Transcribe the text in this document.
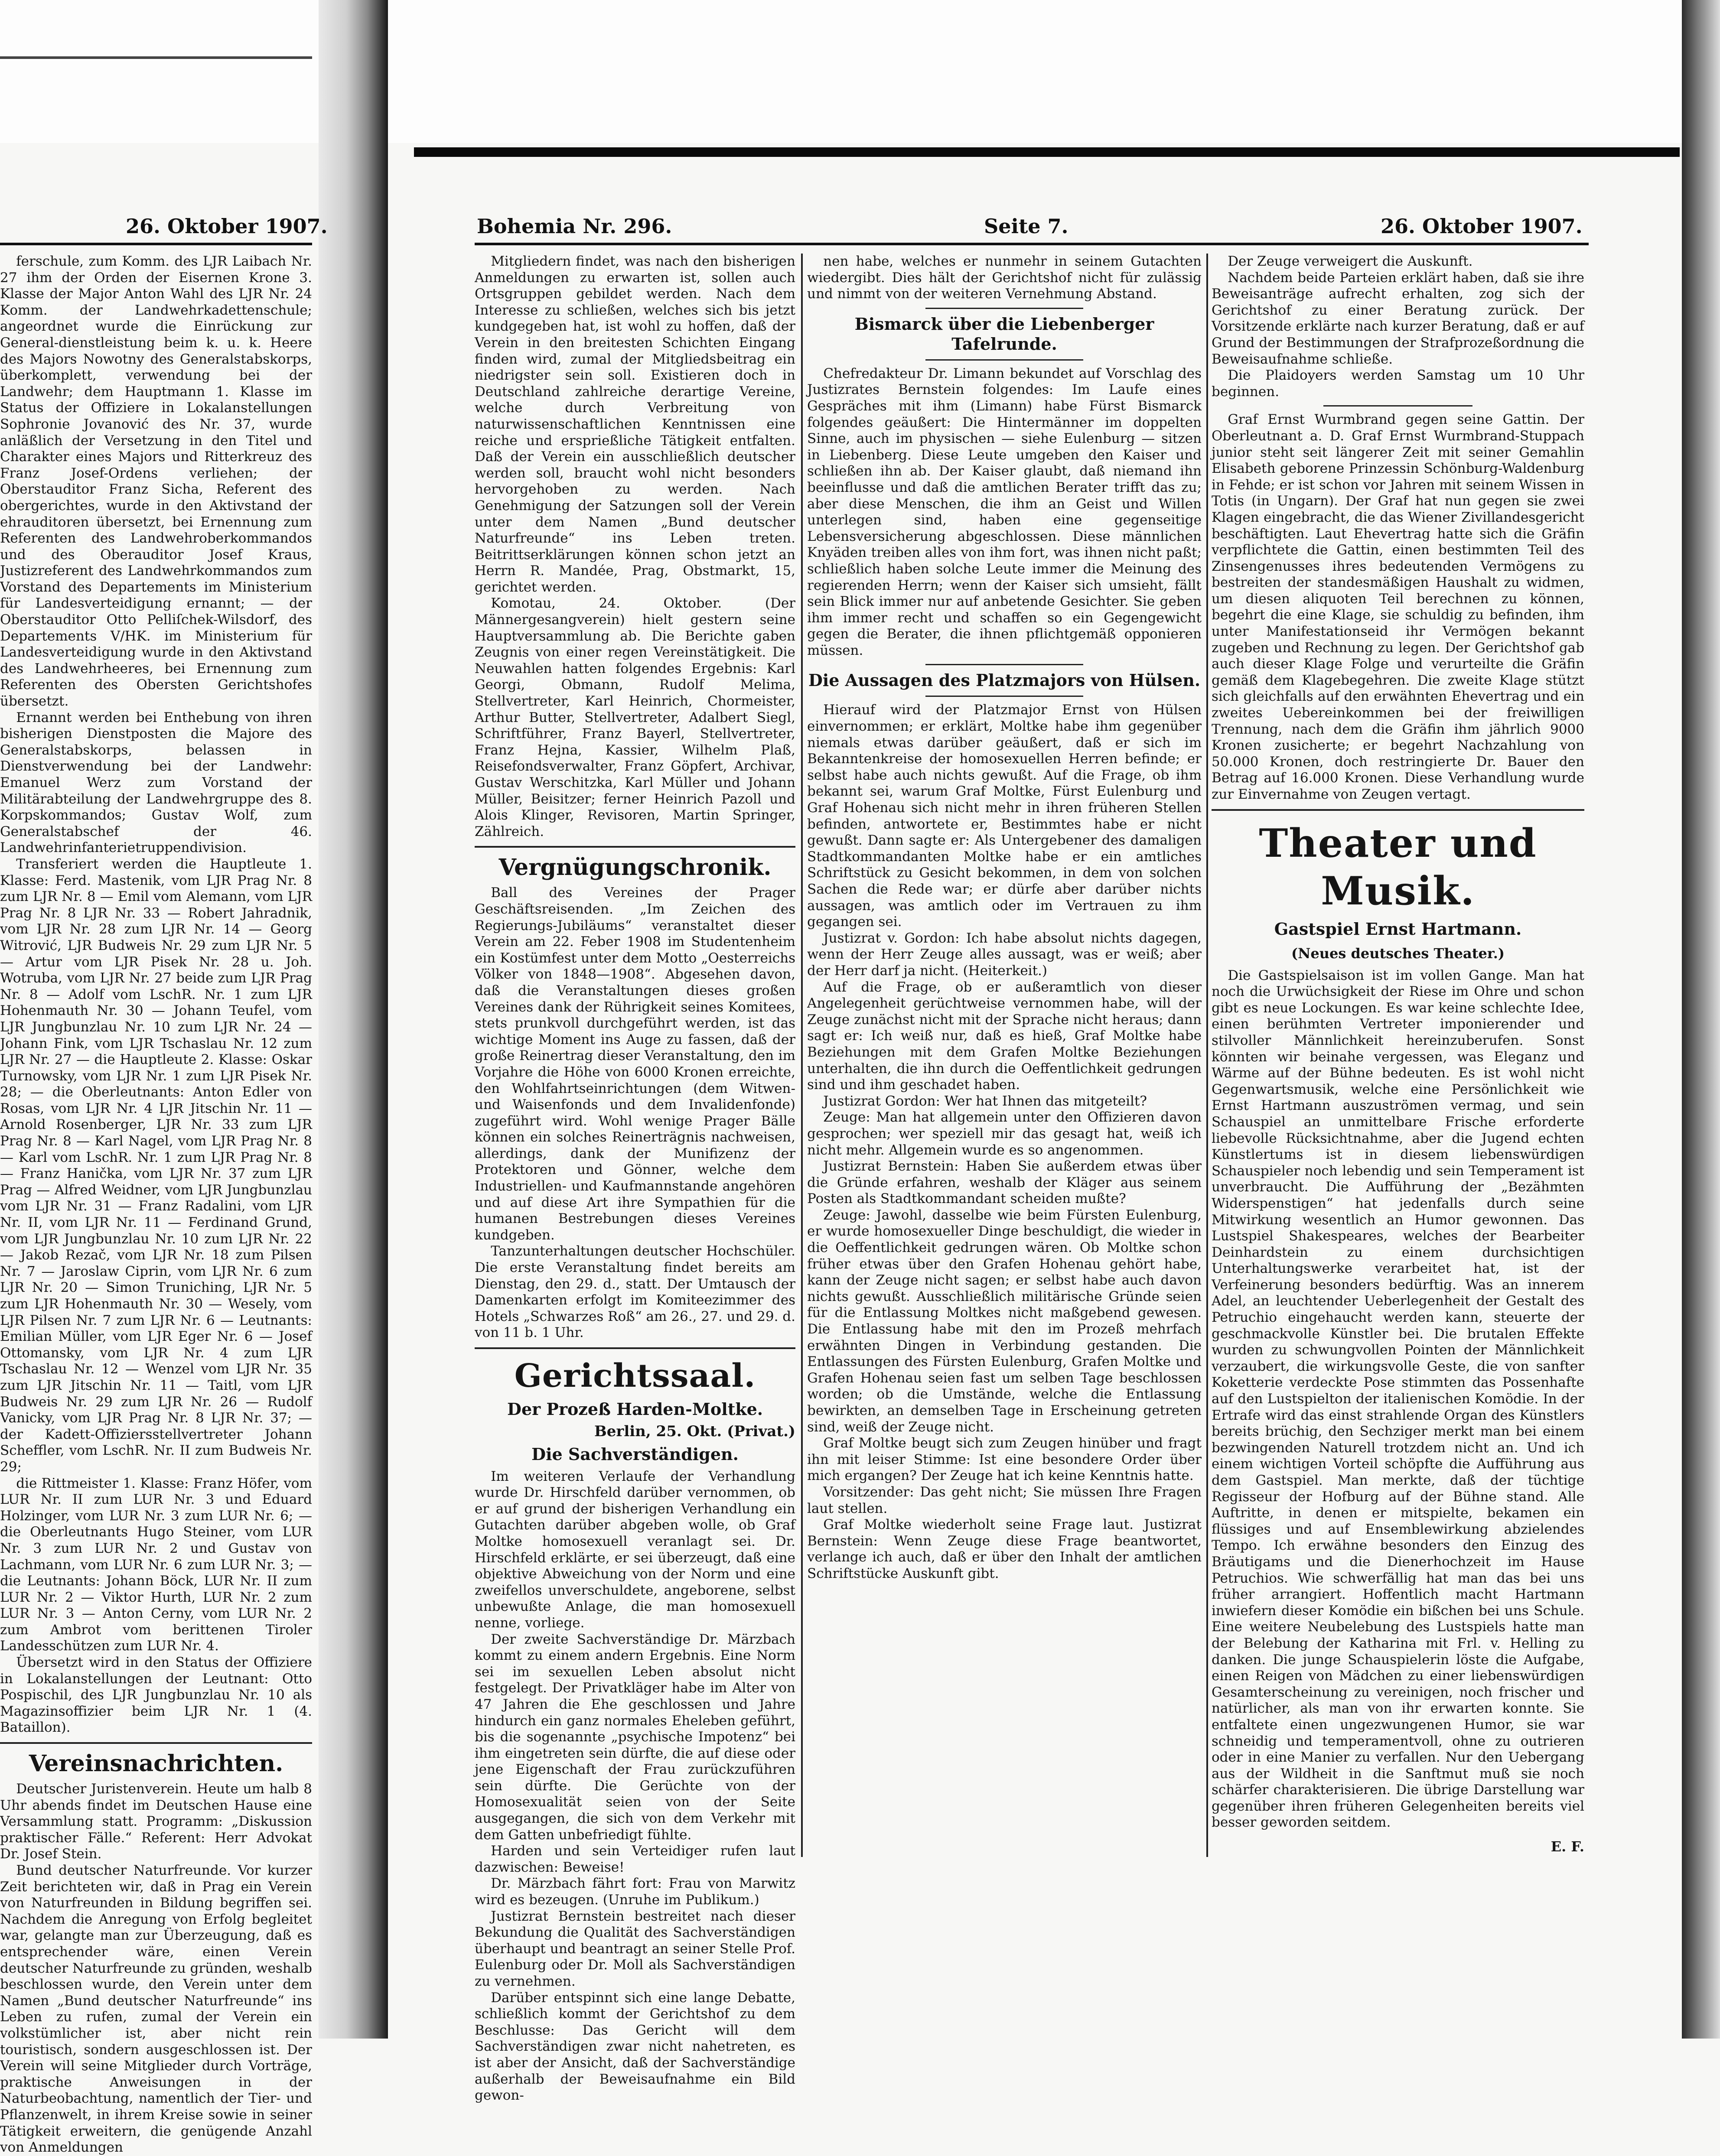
26. Oktober 1907.

ferschule, zum Komm. des LJR Laibach Nr. 27 ihm der Orden der Eisernen Krone 3. Klasse der Major Anton Wahl des LJR Nr. 24 Komm. der Landwehrkadettenschule; angeordnet wurde die Einrückung zur General-dienstleistung beim k. u. k. Heere des Majors Nowotny des Generalstabskorps, überkomplett, verwendung bei der Landwehr; dem Hauptmann 1. Klasse im Status der Offiziere in Lokalanstellungen Sophronie Jovanović des Nr. 37, wurde anläßlich der Versetzung in den Titel und Charakter eines Majors und Ritterkreuz des Franz Josef-Ordens verliehen; der Oberstauditor Franz Sicha, Referent des obergerichtes, wurde in den Aktivstand der ehrauditoren übersetzt, bei Ernennung zum Referenten des Landwehroberkommandos und des Oberauditor Josef Kraus, Justizreferent des Landwehrkommandos zum Vorstand des Departements im Ministerium für Landesverteidigung ernannt; — der Oberstauditor Otto Pelliſchek-Wilsdorf, des Departements V/HK. im Ministerium für Landesverteidigung wurde in den Aktivstand des Landwehrheeres, bei Ernennung zum Referenten des Obersten Gerichtshofes übersetzt.

Ernannt werden bei Enthebung von ihren bisherigen Dienstposten die Majore des Generalstabskorps, belassen in Dienstverwendung bei der Landwehr: Emanuel Werz zum Vorstand der Militärabteilung der Landwehrgruppe des 8. Korpskommandos; Gustav Wolf, zum Generalstabschef der 46. Landwehrinfanterietruppendivision.

Transferiert werden die Hauptleute 1. Klasse: Ferd. Mastenik, vom LJR Prag Nr. 8 zum LJR Nr. 8 — Emil vom Alemann, vom LJR Prag Nr. 8 LJR Nr. 33 — Robert Jahradnik, vom LJR Nr. 28 zum LJR Nr. 14 — Georg Witrović, LJR Budweis Nr. 29 zum LJR Nr. 5 — Artur vom LJR Pisek Nr. 28 u. Joh. Wotruba, vom LJR Nr. 27 beide zum LJR Prag Nr. 8 — Adolf vom LschR. Nr. 1 zum LJR Hohenmauth Nr. 30 — Johann Teufel, vom LJR Jungbunzlau Nr. 10 zum LJR Nr. 24 — Johann Fink, vom LJR Tschaslau Nr. 12 zum LJR Nr. 27 — die Hauptleute 2. Klasse: Oskar Turnowsky, vom LJR Nr. 1 zum LJR Pisek Nr. 28; — die Oberleutnants: Anton Edler von Rosas, vom LJR Nr. 4 LJR Jitschin Nr. 11 — Arnold Rosenberger, LJR Nr. 33 zum LJR Prag Nr. 8 — Karl Nagel, vom LJR Prag Nr. 8 — Karl vom LschR. Nr. 1 zum LJR Prag Nr. 8 — Franz Hanička, vom LJR Nr. 37 zum LJR Prag — Alfred Weidner, vom LJR Jungbunzlau vom LJR Nr. 31 — Franz Radalini, vom LJR Nr. II, vom LJR Nr. 11 — Ferdinand Grund, vom LJR Jungbunzlau Nr. 10 zum LJR Nr. 22 — Jakob Rezač, vom LJR Nr. 18 zum Pilsen Nr. 7 — Jaroslaw Ciprin, vom LJR Nr. 6 zum LJR Nr. 20 — Simon Truniching, LJR Nr. 5 zum LJR Hohenmauth Nr. 30 — Wesely, vom LJR Pilsen Nr. 7 zum LJR Nr. 6 — Leutnants: Emilian Müller, vom LJR Eger Nr. 6 — Josef Ottomansky, vom LJR Nr. 4 zum LJR Tschaslau Nr. 12 — Wenzel vom LJR Nr. 35 zum LJR Jitschin Nr. 11 — Taitl, vom LJR Budweis Nr. 29 zum LJR Nr. 26 — Rudolf Vanicky, vom LJR Prag Nr. 8 LJR Nr. 37; — der Kadett-Offiziersstellvertreter Johann Scheffler, vom LschR. Nr. II zum Budweis Nr. 29;

die Rittmeister 1. Klasse: Franz Höfer, vom LUR Nr. II zum LUR Nr. 3 und Eduard Holzinger, vom LUR Nr. 3 zum LUR Nr. 6; — die Oberleutnants Hugo Steiner, vom LUR Nr. 3 zum LUR Nr. 2 und Gustav von Lachmann, vom LUR Nr. 6 zum LUR Nr. 3; — die Leutnants: Johann Böck, LUR Nr. II zum LUR Nr. 2 — Viktor Hurth, LUR Nr. 2 zum LUR Nr. 3 — Anton Cerny, vom LUR Nr. 2 zum Ambrot vom berittenen Tiroler Landesschützen zum LUR Nr. 4.

Übersetzt wird in den Status der Offiziere in Lokalanstellungen der Leutnant: Otto Pospischil, des LJR Jungbunzlau Nr. 10 als Magazinsoffizier beim LJR Nr. 1 (4. Bataillon).

Vereinsnachrichten.

Deutscher Juristenverein. Heute um halb 8 Uhr abends findet im Deutschen Hause eine Versammlung statt. Programm: „Diskussion praktischer Fälle.“ Referent: Herr Advokat Dr. Josef Stein.

Bund deutscher Naturfreunde. Vor kurzer Zeit berichteten wir, daß in Prag ein Verein von Naturfreunden in Bildung begriffen sei. Nachdem die Anregung von Erfolg begleitet war, gelangte man zur Überzeugung, daß es entsprechender wäre, einen Verein deutscher Naturfreunde zu gründen, weshalb beschlossen wurde, den Verein unter dem Namen „Bund deutscher Naturfreunde“ ins Leben zu rufen, zumal der Verein ein volkstümlicher ist, aber nicht rein touristisch, sondern ausgeschlossen ist. Der Verein will seine Mitglieder durch Vorträge, praktische Anweisungen in der Naturbeobachtung, namentlich der Tier- und Pflanzenwelt, in ihrem Kreise sowie in seiner Tätigkeit erweitern, die genügende Anzahl von Anmeldungen

Bohemia Nr. 296.	Seite 7.	26. Oktober 1907.

Mitgliedern findet, was nach den bisherigen Anmeldungen zu erwarten ist, sollen auch Ortsgruppen gebildet werden. Nach dem Interesse zu schließen, welches sich bis jetzt kundgegeben hat, ist wohl zu hoffen, daß der Verein in den breitesten Schichten Eingang finden wird, zumal der Mitgliedsbeitrag ein niedrigster sein soll. Existieren doch in Deutschland zahlreiche derartige Vereine, welche durch Verbreitung von naturwissenschaftlichen Kenntnissen eine reiche und ersprießliche Tätigkeit entfalten. Daß der Verein ein ausschließlich deutscher werden soll, braucht wohl nicht besonders hervorgehoben zu werden. Nach Genehmigung der Satzungen soll der Verein unter dem Namen „Bund deutscher Naturfreunde“ ins Leben treten. Beitrittserklärungen können schon jetzt an Herrn R. Mandée, Prag, Obstmarkt, 15, gerichtet werden.

Komotau, 24. Oktober. (Der Männergesangverein) hielt gestern seine Hauptversammlung ab. Die Berichte gaben Zeugnis von einer regen Vereinstätigkeit. Die Neuwahlen hatten folgendes Ergebnis: Karl Georgi, Obmann, Rudolf Melima, Stellvertreter, Karl Heinrich, Chormeister, Arthur Butter, Stellvertreter, Adalbert Siegl, Schriftführer, Franz Bayerl, Stellvertreter, Franz Hejna, Kassier, Wilhelm Plaß, Reisefondsverwalter, Franz Göpfert, Archivar, Gustav Werschitzka, Karl Müller und Johann Müller, Beisitzer; ferner Heinrich Pazoll und Alois Klinger, Revisoren, Martin Springer, Zählreich.

Vergnügungschronik.

Ball des Vereines der Prager Geschäftsreisenden. „Im Zeichen des Regierungs-Jubiläums“ veranstaltet dieser Verein am 22. Feber 1908 im Studentenheim ein Kostümfest unter dem Motto „Oesterreichs Völker von 1848—1908“. Abgesehen davon, daß die Veranstaltungen dieses großen Vereines dank der Rührigkeit seines Komitees, stets prunkvoll durchgeführt werden, ist das wichtige Moment ins Auge zu fassen, daß der große Reinertrag dieser Veranstaltung, den im Vorjahre die Höhe von 6000 Kronen erreichte, den Wohlfahrtseinrichtungen (dem Witwen- und Waisenfonds und dem Invalidenfonde) zugeführt wird. Wohl wenige Prager Bälle können ein solches Reinerträgnis nachweisen, allerdings, dank der Munifizenz der Protektoren und Gönner, welche dem Industriellen- und Kaufmannstande angehören und auf diese Art ihre Sympathien für die humanen Bestrebungen dieses Vereines kundgeben.

Tanzunterhaltungen deutscher Hochschüler. Die erste Veranstaltung findet bereits am Dienstag, den 29. d., statt. Der Umtausch der Damenkarten erfolgt im Komiteezimmer des Hotels „Schwarzes Roß“ am 26., 27. und 29. d. von 11 b. 1 Uhr.

Gerichtssaal.
Der Prozeß Harden-Moltke.
Berlin, 25. Okt. (Privat.)
Die Sachverständigen.

Im weiteren Verlaufe der Verhandlung wurde Dr. Hirschfeld darüber vernommen, ob er auf grund der bisherigen Verhandlung ein Gutachten darüber abgeben wolle, ob Graf Moltke homosexuell veranlagt sei. Dr. Hirschfeld erklärte, er sei überzeugt, daß eine objektive Abweichung von der Norm und eine zweifellos unverschuldete, angeborene, selbst unbewußte Anlage, die man homosexuell nenne, vorliege.

Der zweite Sachverständige Dr. Märzbach kommt zu einem andern Ergebnis. Eine Norm sei im sexuellen Leben absolut nicht festgelegt. Der Privatkläger habe im Alter von 47 Jahren die Ehe geschlossen und Jahre hindurch ein ganz normales Eheleben geführt, bis die sogenannte „psychische Impotenz“ bei ihm eingetreten sein dürfte, die auf diese oder jene Eigenschaft der Frau zurückzuführen sein dürfte. Die Gerüchte von der Homosexualität seien von der Seite ausgegangen, die sich von dem Verkehr mit dem Gatten unbefriedigt fühlte.

Harden und sein Verteidiger rufen laut dazwischen: Beweise!

Dr. Märzbach fährt fort: Frau von Marwitz wird es bezeugen. (Unruhe im Publikum.)

Justizrat Bernstein bestreitet nach dieser Bekundung die Qualität des Sachverständigen überhaupt und beantragt an seiner Stelle Prof. Eulenburg oder Dr. Moll als Sachverständigen zu vernehmen.

Darüber entspinnt sich eine lange Debatte, schließlich kommt der Gerichtshof zu dem Beschlusse: Das Gericht will dem Sachverständigen zwar nicht nahetreten, es ist aber der Ansicht, daß der Sachverständige außerhalb der Beweisaufnahme ein Bild gewon-

nen habe, welches er nunmehr in seinem Gutachten wiedergibt. Dies hält der Gerichtshof nicht für zulässig und nimmt von der weiteren Vernehmung Abstand.

Bismarck über die Liebenberger Tafelrunde.

Chefredakteur Dr. Limann bekundet auf Vorschlag des Justizrates Bernstein folgendes: Im Laufe eines Gespräches mit ihm (Limann) habe Fürst Bismarck folgendes geäußert: Die Hintermänner im doppelten Sinne, auch im physischen — siehe Eulenburg — sitzen in Liebenberg. Diese Leute umgeben den Kaiser und schließen ihn ab. Der Kaiser glaubt, daß niemand ihn beeinflusse und daß die amtlichen Berater trifft das zu; aber diese Menschen, die ihm an Geist und Willen unterlegen sind, haben eine gegenseitige Lebensversicherung abgeschlossen. Diese männlichen Knyäden treiben alles von ihm fort, was ihnen nicht paßt; schließlich haben solche Leute immer die Meinung des regierenden Herrn; wenn der Kaiser sich umsieht, fällt sein Blick immer nur auf anbetende Gesichter. Sie geben ihm immer recht und schaffen so ein Gegengewicht gegen die Berater, die ihnen pflichtgemäß opponieren müssen.

Die Aussagen des Platzmajors von Hülsen.

Hierauf wird der Platzmajor Ernst von Hülsen einvernommen; er erklärt, Moltke habe ihm gegenüber niemals etwas darüber geäußert, daß er sich im Bekanntenkreise der homosexuellen Herren befinde; er selbst habe auch nichts gewußt. Auf die Frage, ob ihm bekannt sei, warum Graf Moltke, Fürst Eulenburg und Graf Hohenau sich nicht mehr in ihren früheren Stellen befinden, antwortete er, Bestimmtes habe er nicht gewußt. Dann sagte er: Als Untergebener des damaligen Stadtkommandanten Moltke habe er ein amtliches Schriftstück zu Gesicht bekommen, in dem von solchen Sachen die Rede war; er dürfe aber darüber nichts aussagen, was amtlich oder im Vertrauen zu ihm gegangen sei.

Justizrat v. Gordon: Ich habe absolut nichts dagegen, wenn der Herr Zeuge alles aussagt, was er weiß; aber der Herr darf ja nicht. (Heiterkeit.)

Auf die Frage, ob er außeramtlich von dieser Angelegenheit gerüchtweise vernommen habe, will der Zeuge zunächst nicht mit der Sprache nicht heraus; dann sagt er: Ich weiß nur, daß es hieß, Graf Moltke habe Beziehungen mit dem Grafen Moltke Beziehungen unterhalten, die ihn durch die Oeffentlichkeit gedrungen sind und ihm geschadet haben.

Justizrat Gordon: Wer hat Ihnen das mitgeteilt?

Zeuge: Man hat allgemein unter den Offizieren davon gesprochen; wer speziell mir das gesagt hat, weiß ich nicht mehr. Allgemein wurde es so angenommen.

Justizrat Bernstein: Haben Sie außerdem etwas über die Gründe erfahren, weshalb der Kläger aus seinem Posten als Stadtkommandant scheiden mußte?

Zeuge: Jawohl, dasselbe wie beim Fürsten Eulenburg, er wurde homosexueller Dinge beschuldigt, die wieder in die Oeffentlichkeit gedrungen wären. Ob Moltke schon früher etwas über den Grafen Hohenau gehört habe, kann der Zeuge nicht sagen; er selbst habe auch davon nichts gewußt. Ausschließlich militärische Gründe seien für die Entlassung Moltkes nicht maßgebend gewesen. Die Entlassung habe mit den im Prozeß mehrfach erwähnten Dingen in Verbindung gestanden. Die Entlassungen des Fürsten Eulenburg, Grafen Moltke und Grafen Hohenau seien fast um selben Tage beschlossen worden; ob die Umstände, welche die Entlassung bewirkten, an demselben Tage in Erscheinung getreten sind, weiß der Zeuge nicht.

Graf Moltke beugt sich zum Zeugen hinüber und fragt ihn mit leiser Stimme: Ist eine besondere Order über mich ergangen? Der Zeuge hat ich keine Kenntnis hatte.

Vorsitzender: Das geht nicht; Sie müssen Ihre Fragen laut stellen.

Graf Moltke wiederholt seine Frage laut. Justizrat Bernstein: Wenn Zeuge diese Frage beantwortet, verlange ich auch, daß er über den Inhalt der amtlichen Schriftstücke Auskunft gibt.

Der Zeuge verweigert die Auskunft.

Nachdem beide Parteien erklärt haben, daß sie ihre Beweisanträge aufrecht erhalten, zog sich der Gerichtshof zu einer Beratung zurück. Der Vorsitzende erklärte nach kurzer Beratung, daß er auf Grund der Bestimmungen der Strafprozeßordnung die Beweisaufnahme schließe.

Die Plaidoyers werden Samstag um 10 Uhr beginnen.

Graf Ernst Wurmbrand gegen seine Gattin. Der Oberleutnant a. D. Graf Ernst Wurmbrand-Stuppach junior steht seit längerer Zeit mit seiner Gemahlin Elisabeth geborene Prinzessin Schönburg-Waldenburg in Fehde; er ist schon vor Jahren mit seinem Wissen in Totis (in Ungarn). Der Graf hat nun gegen sie zwei Klagen eingebracht, die das Wiener Zivillandesgericht beschäftigten. Laut Ehevertrag hatte sich die Gräfin verpflichtete die Gattin, einen bestimmten Teil des Zinsengenusses ihres bedeutenden Vermögens zu bestreiten der standesmäßigen Haushalt zu widmen, um diesen aliquoten Teil berechnen zu können, begehrt die eine Klage, sie schuldig zu befinden, ihm unter Manifestationseid ihr Vermögen bekannt zugeben und Rechnung zu legen. Der Gerichtshof gab auch dieser Klage Folge und verurteilte die Gräfin gemäß dem Klagebegehren. Die zweite Klage stützt sich gleichfalls auf den erwähnten Ehevertrag und ein zweites Uebereinkommen bei der freiwilligen Trennung, nach dem die Gräfin ihm jährlich 9000 Kronen zusicherte; er begehrt Nachzahlung von 50.000 Kronen, doch restringierte Dr. Bauer den Betrag auf 16.000 Kronen. Diese Verhandlung wurde zur Einvernahme von Zeugen vertagt.

Theater und Musik.
Gastspiel Ernst Hartmann.
(Neues deutsches Theater.)

Die Gastspielsaison ist im vollen Gange. Man hat noch die Urwüchsigkeit der Riese im Ohre und schon gibt es neue Lockungen. Es war keine schlechte Idee, einen berühmten Vertreter imponierender und stilvoller Männlichkeit hereinzuberufen. Sonst könnten wir beinahe vergessen, was Eleganz und Wärme auf der Bühne bedeuten. Es ist wohl nicht Gegenwartsmusik, welche eine Persönlichkeit wie Ernst Hartmann auszuströmen vermag, und sein Schauspiel an unmittelbare Frische erforderte liebevolle Rücksichtnahme, aber die Jugend echten Künstlertums ist in diesem liebenswürdigen Schauspieler noch lebendig und sein Temperament ist unverbraucht. Die Aufführung der „Bezähmten Widerspenstigen“ hat jedenfalls durch seine Mitwirkung wesentlich an Humor gewonnen. Das Lustspiel Shakespeares, welches der Bearbeiter Deinhardstein zu einem durchsichtigen Unterhaltungswerke verarbeitet hat, ist der Verfeinerung besonders bedürftig. Was an innerem Adel, an leuchtender Ueberlegenheit der Gestalt des Petruchio eingehaucht werden kann, steuerte der geschmackvolle Künstler bei. Die brutalen Effekte wurden zu schwungvollen Pointen der Männlichkeit verzaubert, die wirkungsvolle Geste, die von sanfter Koketterie verdeckte Pose stimmten das Possenhafte auf den Lustspielton der italienischen Komödie. In der Ertrafe wird das einst strahlende Organ des Künstlers bereits brüchig, den Sechziger merkt man bei einem bezwingenden Naturell trotzdem nicht an. Und ich einem wichtigen Vorteil schöpfte die Aufführung aus dem Gastspiel. Man merkte, daß der tüchtige Regisseur der Hofburg auf der Bühne stand. Alle Auftritte, in denen er mitspielte, bekamen ein flüssiges und auf Ensemblewirkung abzielendes Tempo. Ich erwähne besonders den Einzug des Bräutigams und die Dienerhochzeit im Hause Petruchios. Wie schwerfällig hat man das bei uns früher arrangiert. Hoffentlich macht Hartmann inwiefern dieser Komödie ein bißchen bei uns Schule. Eine weitere Neubelebung des Lustspiels hatte man der Belebung der Katharina mit Frl. v. Helling zu danken. Die junge Schauspielerin löste die Aufgabe, einen Reigen von Mädchen zu einer liebenswürdigen Gesamterscheinung zu vereinigen, noch frischer und natürlicher, als man von ihr erwarten konnte. Sie entfaltete einen ungezwungenen Humor, sie war schneidig und temperamentvoll, ohne zu outrieren oder in eine Manier zu verfallen. Nur den Uebergang aus der Wildheit in die Sanftmut muß sie noch schärfer charakterisieren. Die übrige Darstellung war gegenüber ihren früheren Gelegenheiten bereits viel besser geworden seitdem.

E. F.
